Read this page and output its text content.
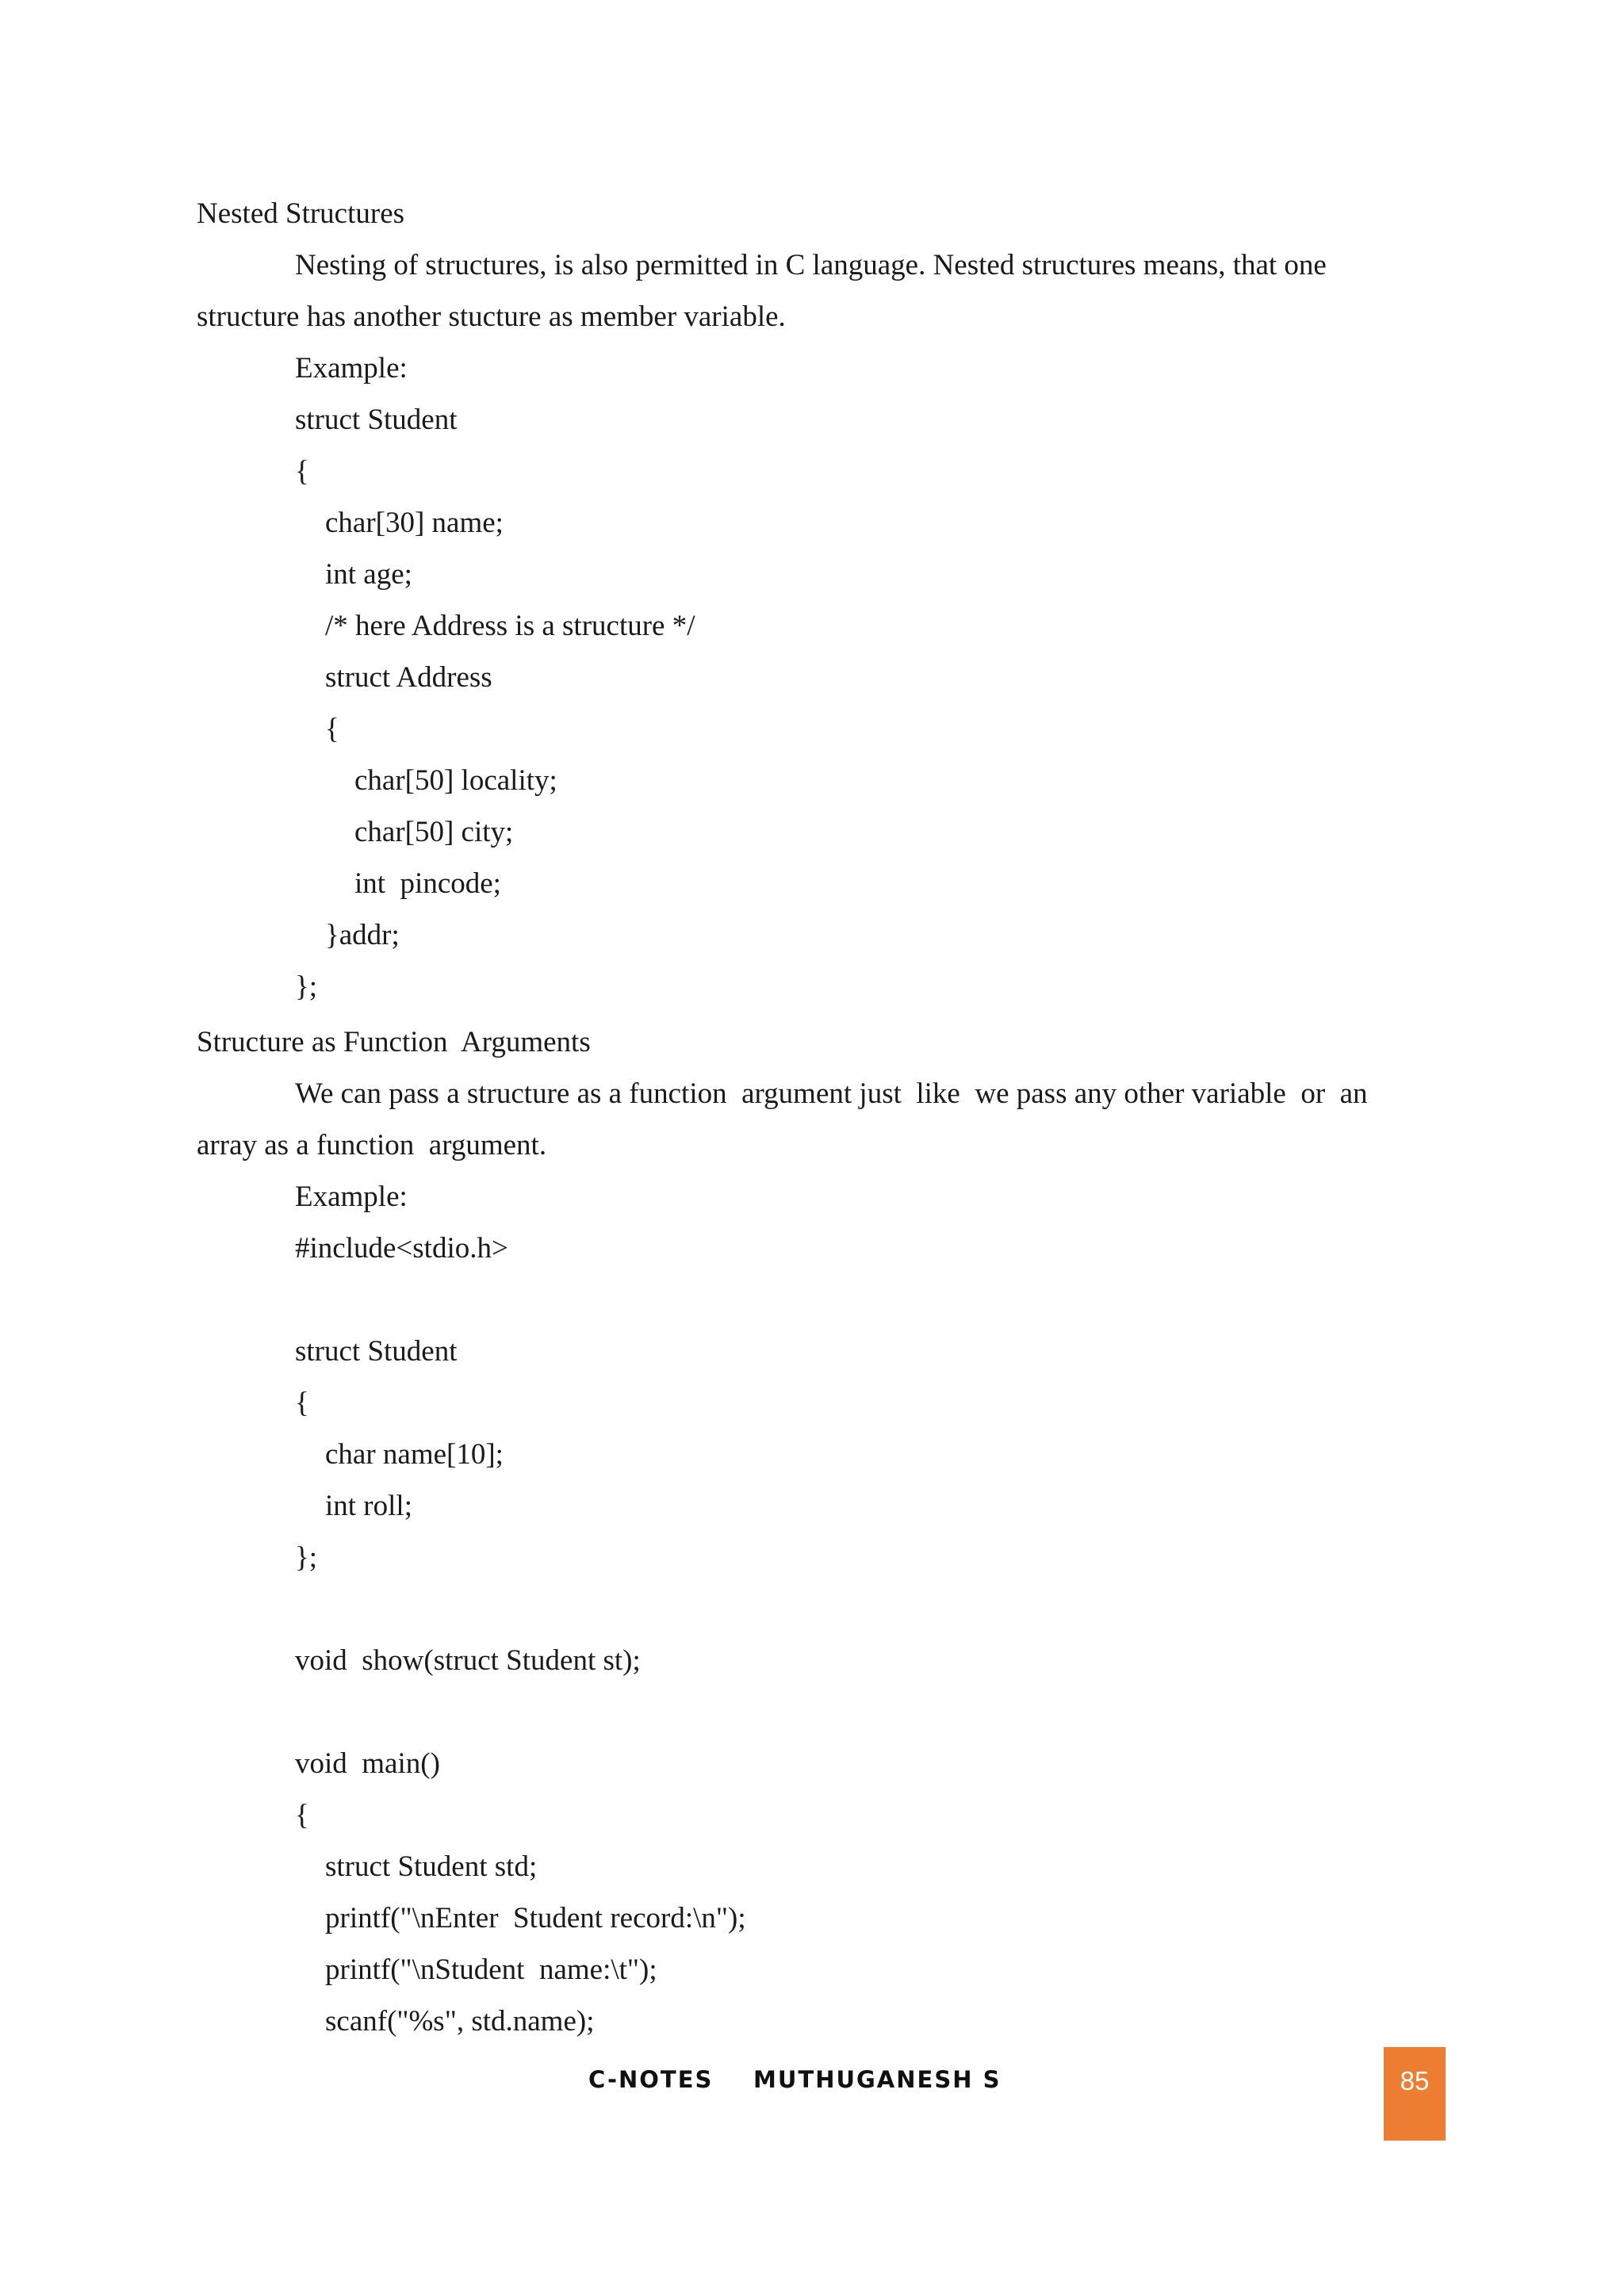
Nested Structures
Nesting of structures, is also permitted in C language. Nested structures means, that one
structure has another stucture as member variable.
Example:
struct Student
{
char[30] name;
int age;
/* here Address is a structure */
struct Address
{
char[50] locality;
char[50] city;
int  pincode;
}addr;
};
Structure as Function  Arguments
We can pass a structure as a function  argument just  like  we pass any other variable  or  an
array as a function  argument.
Example:
#include<stdio.h>
struct Student
{
char name[10];
int roll;
};
void  show(struct Student st);
void  main()
{
struct Student std;
printf("\nEnter  Student record:\n");
printf("\nStudent  name:\t");
scanf("%s", std.name);
C-NOTES MUTHUGANESH S	85
